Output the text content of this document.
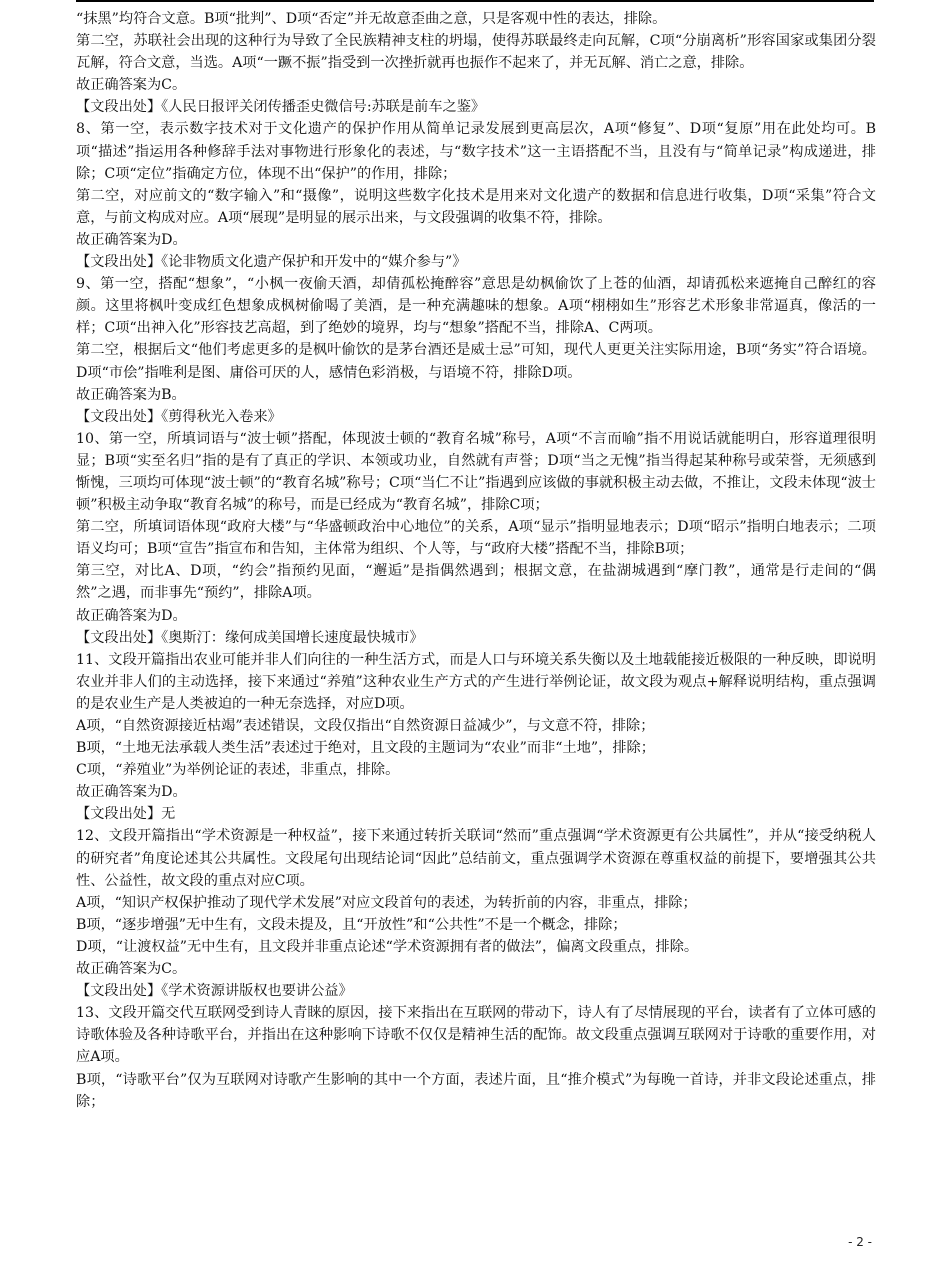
“抹黑”均符合文意。B项“批判”、D项“否定”并无故意歪曲之意，只是客观中性的表达，排除。

第二空，苏联社会出现的这种行为导致了全民族精神支柱的坍塌，使得苏联最终走向瓦解，C项“分崩离析”形容国家或集团分裂瓦解，符合文意，当选。A项“一蹶不振”指受到一次挫折就再也振作不起来了，并无瓦解、消亡之意，排除。

故正确答案为C。

【文段出处】《人民日报评关闭传播歪史微信号:苏联是前车之鉴》

8、第一空，表示数字技术对于文化遗产的保护作用从简单记录发展到更高层次，A项“修复”、D项“复原”用在此处均可。B项“描述”指运用各种修辞手法对事物进行形象化的表述，与“数字技术”这一主语搭配不当，且没有与“简单记录”构成递进，排除；C项“定位”指确定方位，体现不出“保护”的作用，排除；

第二空，对应前文的“数字输入”和“摄像”，说明这些数字化技术是用来对文化遗产的数据和信息进行收集，D项“采集”符合文意，与前文构成对应。A项“展现”是明显的展示出来，与文段强调的收集不符，排除。

故正确答案为D。

【文段出处】《论非物质文化遗产保护和开发中的“媒介参与”》

9、第一空，搭配“想象”，“小枫一夜偷天酒，却倩孤松掩醉容”意思是幼枫偷饮了上苍的仙酒，却请孤松来遮掩自己醉红的容颜。这里将枫叶变成红色想象成枫树偷喝了美酒，是一种充满趣味的想象。A项“栩栩如生”形容艺术形象非常逼真，像活的一样；C项“出神入化”形容技艺高超，到了绝妙的境界，均与“想象”搭配不当，排除A、C两项。

第二空，根据后文“他们考虑更多的是枫叶偷饮的是茅台酒还是威士忌”可知，现代人更更关注实际用途，B项“务实”符合语境。D项“市侩”指唯利是图、庸俗可厌的人，感情色彩消极，与语境不符，排除D项。

故正确答案为B。

【文段出处】《剪得秋光入卷来》

10、第一空，所填词语与“波士顿”搭配，体现波士顿的“教育名城”称号，A项“不言而喻”指不用说话就能明白，形容道理很明显；B项“实至名归”指的是有了真正的学识、本领或功业，自然就有声誉；D项“当之无愧”指当得起某种称号或荣誉，无须感到惭愧，三项均可体现“波士顿”的“教育名城”称号；C项“当仁不让”指遇到应该做的事就积极主动去做，不推让，文段未体现“波士顿”积极主动争取“教育名城”的称号，而是已经成为“教育名城”，排除C项；

第二空，所填词语体现“政府大楼”与“华盛顿政治中心地位”的关系，A项“显示”指明显地表示；D项“昭示”指明白地表示；二项语义均可；B项“宣告”指宣布和告知，主体常为组织、个人等，与“政府大楼”搭配不当，排除B项；

第三空，对比A、D项，“约会”指预约见面，“邂逅”是指偶然遇到；根据文意，在盐湖城遇到“摩门教”，通常是行走间的“偶然”之遇，而非事先“预约”，排除A项。

故正确答案为D。

【文段出处】《奥斯汀：缘何成美国增长速度最快城市》

11、文段开篇指出农业可能并非人们向往的一种生活方式，而是人口与环境关系失衡以及土地载能接近极限的一种反映，即说明农业并非人们的主动选择，接下来通过“养殖”这种农业生产方式的产生进行举例论证，故文段为观点+解释说明结构，重点强调的是农业生产是人类被迫的一种无奈选择，对应D项。

A项，“自然资源接近枯竭”表述错误，文段仅指出“自然资源日益减少”，与文意不符，排除；

B项，“土地无法承载人类生活”表述过于绝对，且文段的主题词为“农业”而非“土地”，排除；

C项，“养殖业”为举例论证的表述，非重点，排除。

故正确答案为D。

【文段出处】无

12、文段开篇指出“学术资源是一种权益”，接下来通过转折关联词“然而”重点强调“学术资源更有公共属性”，并从“接受纳税人的研究者”角度论述其公共属性。文段尾句出现结论词“因此”总结前文，重点强调学术资源在尊重权益的前提下，要增强其公共性、公益性，故文段的重点对应C项。

A项，“知识产权保护推动了现代学术发展”对应文段首句的表述，为转折前的内容，非重点，排除；

B项，“逐步增强”无中生有，文段未提及，且“开放性”和“公共性”不是一个概念，排除；

D项，“让渡权益”无中生有，且文段并非重点论述“学术资源拥有者的做法”，偏离文段重点，排除。

故正确答案为C。

【文段出处】《学术资源讲版权也要讲公益》

13、文段开篇交代互联网受到诗人青睐的原因，接下来指出在互联网的带动下，诗人有了尽情展现的平台，读者有了立体可感的诗歌体验及各种诗歌平台，并指出在这种影响下诗歌不仅仅是精神生活的配饰。故文段重点强调互联网对于诗歌的重要作用，对应A项。

B项，“诗歌平台”仅为互联网对诗歌产生影响的其中一个方面，表述片面，且“推介模式”为每晚一首诗，并非文段论述重点，排除；

- 2 -
